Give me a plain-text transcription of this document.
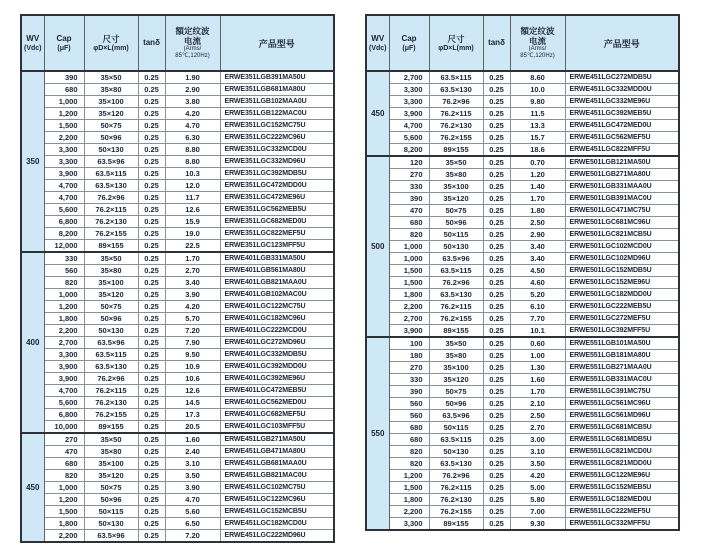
WV
(Vdc)

Cap
(μF)

尺寸
φD×L(mm)

tanδ

額定纹波
电流
(Arms/
85℃,120Hz)

产品型号

350	390	35×50	0.25	1.90	ERWE351LGB391MA50U
	680	35×80	0.25	2.90	ERWE351LGB681MA80U
	1,000	35×100	0.25	3.80	ERWE351LGB102MAA0U
	1,200	35×120	0.25	4.20	ERWE351LGB122MAC0U
	1,500	50×75	0.25	4.70	ERWE351LGC152MC75U
	2,200	50×96	0.25	6.30	ERWE351LGC222MC96U
	3,300	50×130	0.25	8.80	ERWE351LGC332MCD0U
	3,300	63.5×96	0.25	8.80	ERWE351LGC332MD96U
	3,900	63.5×115	0.25	10.3	ERWE351LGC392MDB5U
	4,700	63.5×130	0.25	12.0	ERWE351LGC472MDD0U
	4,700	76.2×96	0.25	11.7	ERWE351LGC472ME96U
	5,600	76.2×115	0.25	12.6	ERWE351LGC562MEB5U
	6,800	76.2×130	0.25	15.9	ERWE351LGC682MED0U
	8,200	76.2×155	0.25	19.0	ERWE351LGC822MEF5U
	12,000	89×155	0.25	22.5	ERWE351LGC123MFF5U
400	330	35×50	0.25	1.70	ERWE401LGB331MA50U
	560	35×80	0.25	2.70	ERWE401LGB561MA80U
	820	35×100	0.25	3.40	ERWE401LGB821MAA0U
	1,000	35×120	0.25	3.90	ERWE401LGB102MAC0U
	1,200	50×75	0.25	4.20	ERWE401LGC122MC75U
	1,800	50×96	0.25	5.70	ERWE401LGC182MC96U
	2,200	50×130	0.25	7.20	ERWE401LGC222MCD0U
	2,700	63.5×96	0.25	7.90	ERWE401LGC272MD96U
	3,300	63.5×115	0.25	9.50	ERWE401LGC332MDB5U
	3,900	63.5×130	0.25	10.9	ERWE401LGC392MDD0U
	3,900	76.2×96	0.25	10.6	ERWE401LGC392ME96U
	4,700	76.2×115	0.25	12.6	ERWE401LGC472MEB5U
	5,600	76.2×130	0.25	14.5	ERWE401LGC562MED0U
	6,800	76.2×155	0.25	17.3	ERWE401LGC682MEF5U
	10,000	89×155	0.25	20.5	ERWE401LGC103MFF5U
450	270	35×50	0.25	1.60	ERWE451LGB271MA50U
	470	35×80	0.25	2.40	ERWE451LGB471MA80U
	680	35×100	0.25	3.10	ERWE451LGB681MAA0U
	820	35×120	0.25	3.50	ERWE451LGB821MAC0U
	1,000	50×75	0.25	3.90	ERWE451LGC102MC75U
	1,200	50×96	0.25	4.70	ERWE451LGC122MC96U
	1,500	50×115	0.25	5.60	ERWE451LGC152MCB5U
	1,800	50×130	0.25	6.50	ERWE451LGC182MCD0U
	2,200	63.5×96	0.25	7.20	ERWE451LGC222MD96U
WV
(Vdc)

Cap
(μF)

尺寸
φD×L(mm)

tanδ

額定纹波
电流
(Arms/
85℃,120Hz)

产品型号

450	2,700	63.5×115	0.25	8.60	ERWE451LGC272MDB5U
	3,300	63.5×130	0.25	10.0	ERWE451LGC332MDD0U
	3,300	76.2×96	0.25	9.80	ERWE451LGC332ME96U
	3,900	76.2×115	0.25	11.5	ERWE451LGC392MEB5U
	4,700	76.2×130	0.25	13.3	ERWE451LGC472MED0U
	5,600	76.2×155	0.25	15.7	ERWE451LGC562MEF5U
	8,200	89×155	0.25	18.6	ERWE451LGC822MFF5U
500	120	35×50	0.25	0.70	ERWE501LGB121MA50U
	270	35×80	0.25	1.20	ERWE501LGB271MA80U
	330	35×100	0.25	1.40	ERWE501LGB331MAA0U
	390	35×120	0.25	1.70	ERWE501LGB391MAC0U
	470	50×75	0.25	1.80	ERWE501LGC471MC75U
	680	50×96	0.25	2.50	ERWE501LGC681MC96U
	820	50×115	0.25	2.90	ERWE501LGC821MCB5U
	1,000	50×130	0.25	3.40	ERWE501LGC102MCD0U
	1,000	63.5×96	0.25	3.40	ERWE501LGC102MD96U
	1,500	63.5×115	0.25	4.50	ERWE501LGC152MDB5U
	1,500	76.2×96	0.25	4.60	ERWE501LGC152ME96U
	1,800	63.5×130	0.25	5.20	ERWE501LGC182MDD0U
	2,200	76.2×115	0.25	6.10	ERWE501LGC222MEB5U
	2,700	76.2×155	0.25	7.70	ERWE501LGC272MEF5U
	3,900	89×155	0.25	10.1	ERWE501LGC392MFF5U
550	100	35×50	0.25	0.60	ERWE551LGB101MA50U
	180	35×80	0.25	1.00	ERWE551LGB181MA80U
	270	35×100	0.25	1.30	ERWE551LGB271MAA0U
	330	35×120	0.25	1.60	ERWE551LGB331MAC0U
	390	50×75	0.25	1.70	ERWE551LGC391MC75U
	560	50×96	0.25	2.10	ERWE551LGC561MC96U
	560	63.5×96	0.25	2.50	ERWE551LGC561MD96U
	680	50×115	0.25	2.70	ERWE551LGC681MCB5U
	680	63.5×115	0.25	3.00	ERWE551LGC681MDB5U
	820	50×130	0.25	3.10	ERWE551LGC821MCD0U
	820	63.5×130	0.25	3.50	ERWE551LGC821MDD0U
	1,200	76.2×96	0.25	4.20	ERWE551LGC122ME96U
	1,500	76.2×115	0.25	5.00	ERWE551LGC152MEB5U
	1,800	76.2×130	0.25	5.80	ERWE551LGC182MED0U
	2,200	76.2×155	0.25	7.00	ERWE551LGC222MEF5U
	3,300	89×155	0.25	9.30	ERWE551LGC332MFF5U
